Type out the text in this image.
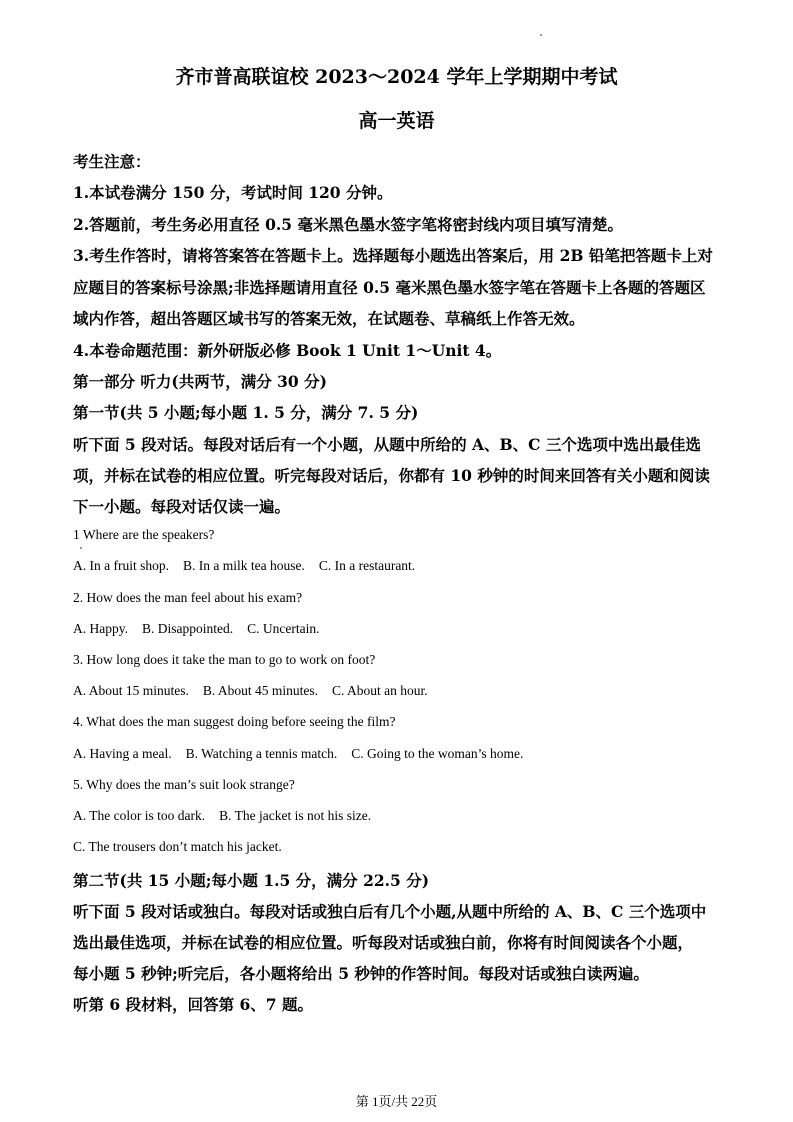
齐市普高联谊校 2023～2024 学年上学期期中考试
高一英语
考生注意：
1.本试卷满分 150 分，考试时间 120 分钟。
2.答题前，考生务必用直径 0.5 毫米黑色墨水签字笔将密封线内项目填写清楚。
3.考生作答时，请将答案答在答题卡上。选择题每小题选出答案后，用 2B 铅笔把答题卡上对
应题目的答案标号涂黑;非选择题请用直径 0.5 毫米黑色墨水签字笔在答题卡上各题的答题区
域内作答，超出答题区域书写的答案无效，在试题卷、草稿纸上作答无效。
4.本卷命题范围：新外研版必修 Book 1 Unit 1～Unit 4。
第一部分 听力(共两节，满分 30 分)
第一节(共 5 小题;每小题 1. 5 分，满分 7. 5 分)
听下面 5 段对话。每段对话后有一个小题，从题中所给的 A、B、C 三个选项中选出最佳选
项，并标在试卷的相应位置。听完每段对话后，你都有 10 秒钟的时间来回答有关小题和阅读
下一小题。每段对话仅读一遍。
1 Where are the speakers?
A. In a fruit shop. B. In a milk tea house. C. In a restaurant.
2. How does the man feel about his exam?
A. Happy. B. Disappointed. C. Uncertain.
3. How long does it take the man to go to work on foot?
A. About 15 minutes. B. About 45 minutes. C. About an hour.
4. What does the man suggest doing before seeing the film?
A. Having a meal. B. Watching a tennis match. C. Going to the woman’s home.
5. Why does the man’s suit look strange?
A. The color is too dark. B. The jacket is not his size.
C. The trousers don’t match his jacket.
第二节(共 15 小题;每小题 1.5 分，满分 22.5 分)
听下面 5 段对话或独白。每段对话或独白后有几个小题,从题中所给的 A、B、C 三个选项中
选出最佳选项，并标在试卷的相应位置。听每段对话或独白前，你将有时间阅读各个小题，
每小题 5 秒钟;听完后，各小题将给出 5 秒钟的作答时间。每段对话或独白读两遍。
听第 6 段材料，回答第 6、7 题。
第 1页/共 22页
